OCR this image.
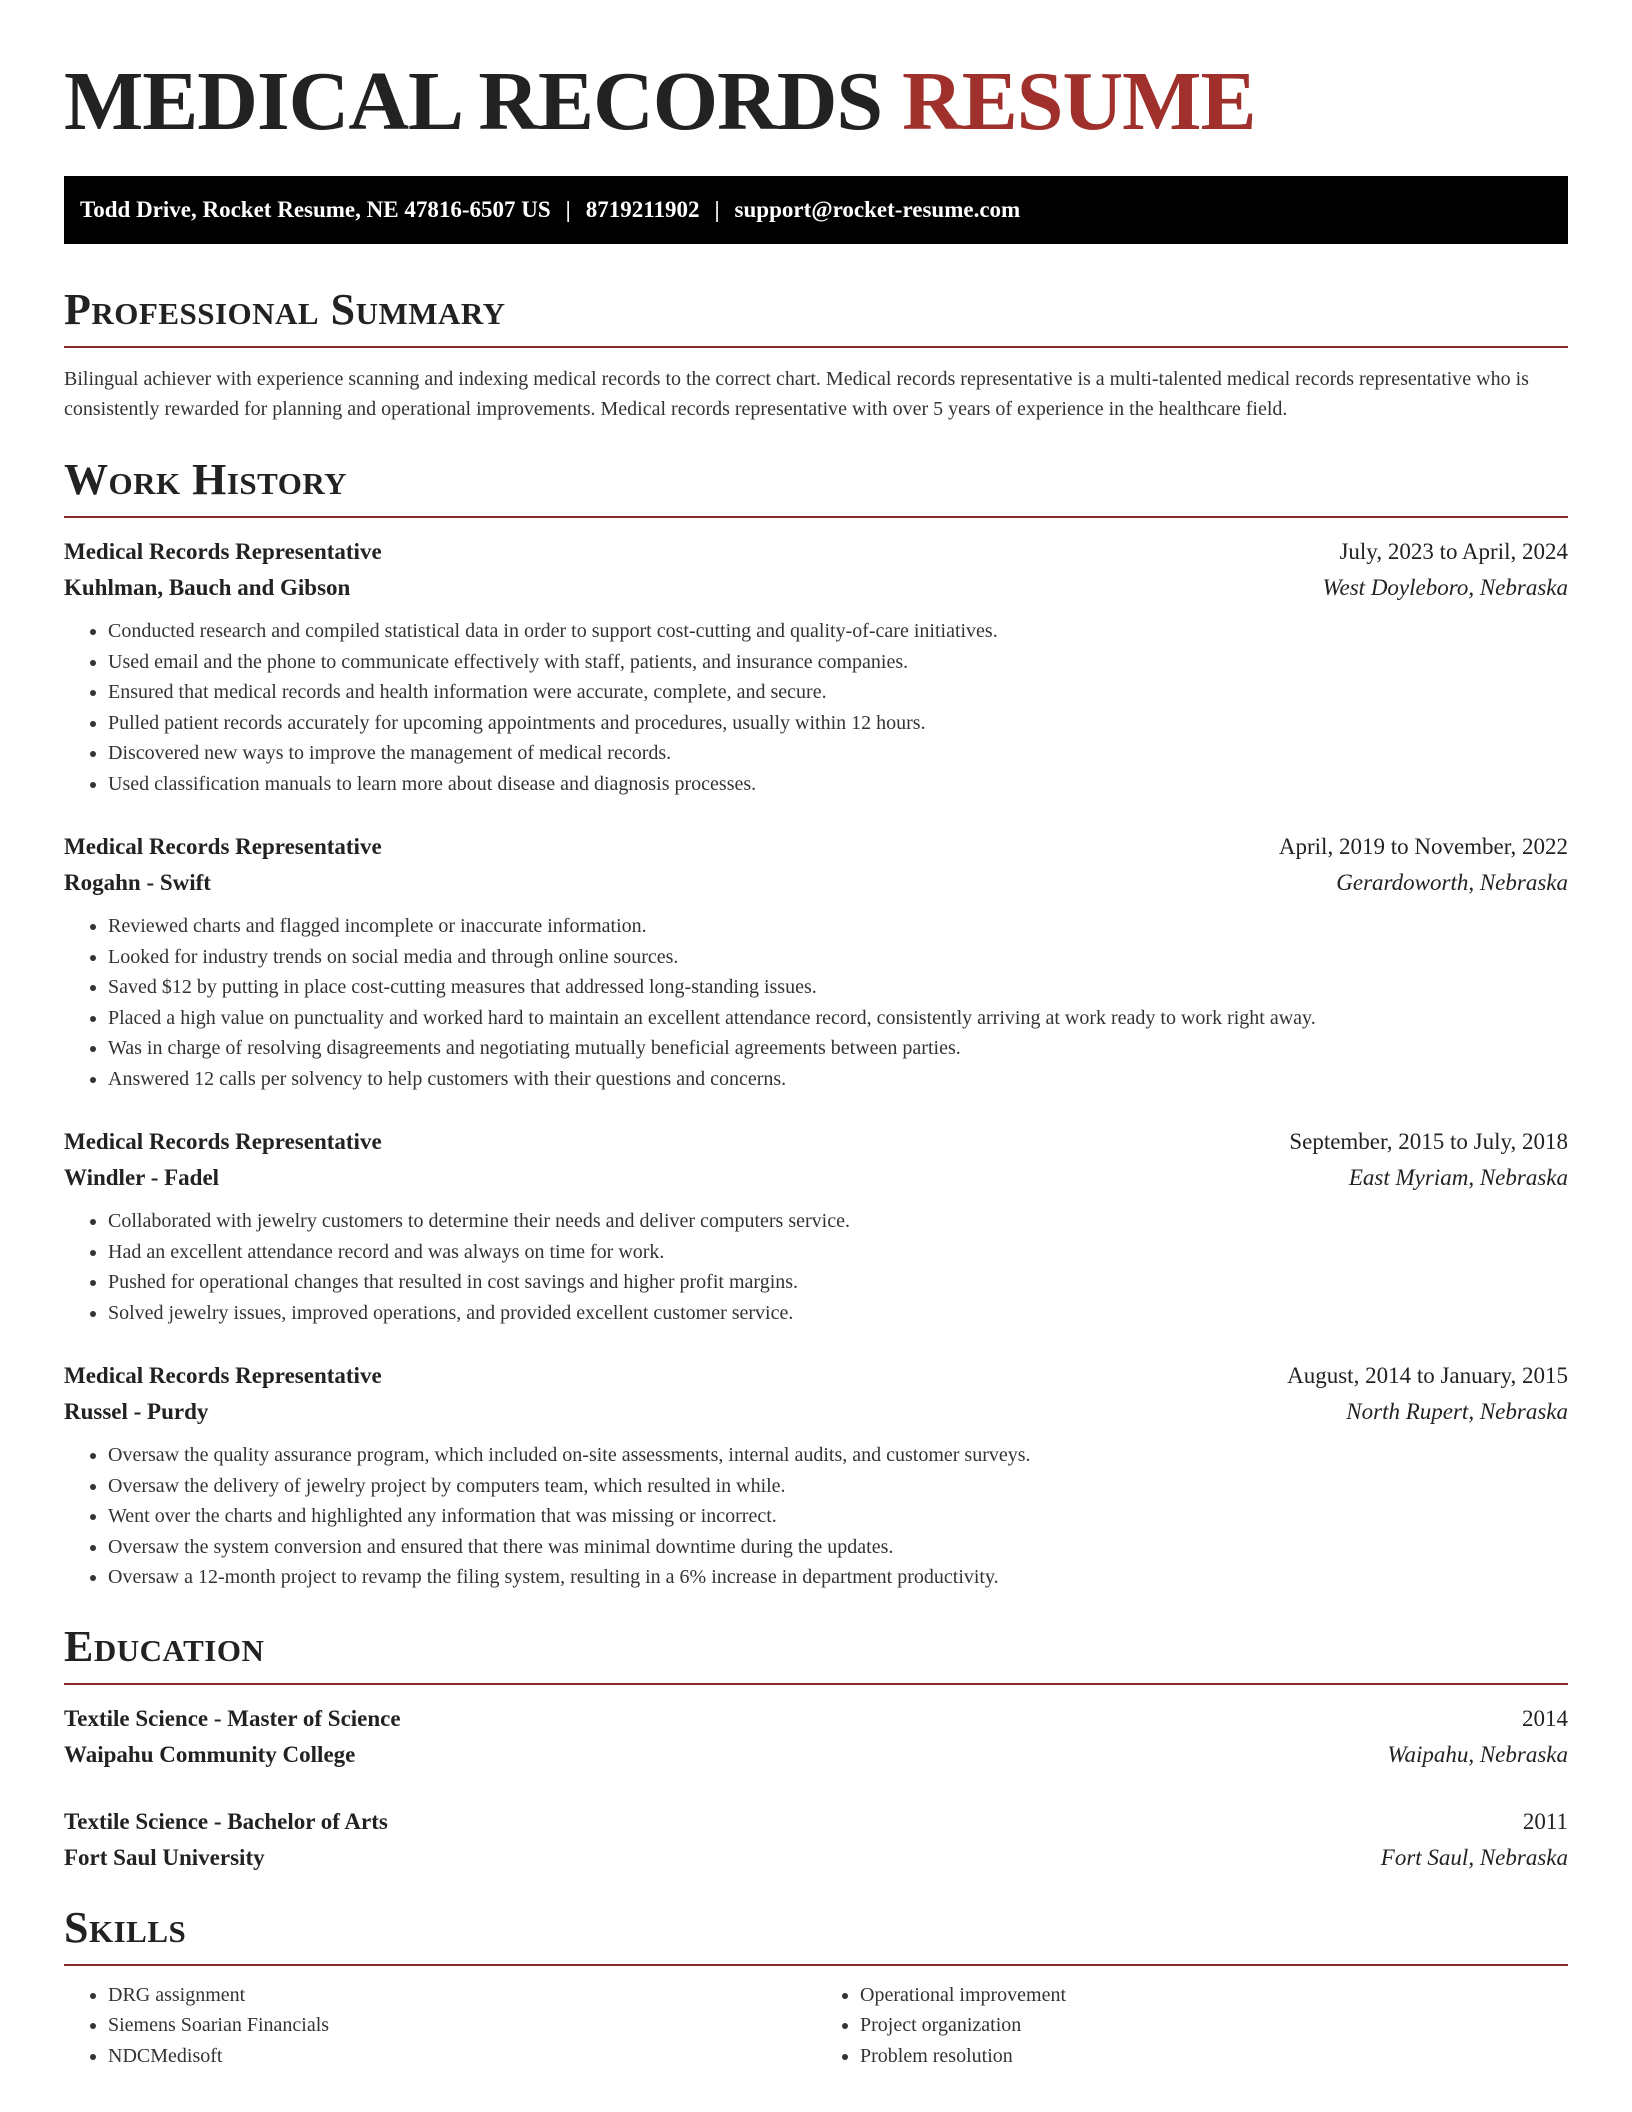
MEDICAL RECORDS RESUME
Todd Drive, Rocket Resume, NE 47816-6507 US | 8719211902 | support@rocket-resume.com
Professional Summary

Bilingual achiever with experience scanning and indexing medical records to the correct chart. Medical records representative is a multi-talented medical records representative who is consistently rewarded for planning and operational improvements. Medical records representative with over 5 years of experience in the healthcare field.

Work History
Medical Records Representative	July, 2023 to April, 2024
Kuhlman, Bauch and Gibson	West Doyleboro, Nebraska
• Conducted research and compiled statistical data in order to support cost-cutting and quality-of-care initiatives.
• Used email and the phone to communicate effectively with staff, patients, and insurance companies.
• Ensured that medical records and health information were accurate, complete, and secure.
• Pulled patient records accurately for upcoming appointments and procedures, usually within 12 hours.
• Discovered new ways to improve the management of medical records.
• Used classification manuals to learn more about disease and diagnosis processes.
Medical Records Representative	April, 2019 to November, 2022
Rogahn - Swift	Gerardoworth, Nebraska
• Reviewed charts and flagged incomplete or inaccurate information.
• Looked for industry trends on social media and through online sources.
• Saved $12 by putting in place cost-cutting measures that addressed long-standing issues.
• Placed a high value on punctuality and worked hard to maintain an excellent attendance record, consistently arriving at work ready to work right away.
• Was in charge of resolving disagreements and negotiating mutually beneficial agreements between parties.
• Answered 12 calls per solvency to help customers with their questions and concerns.
Medical Records Representative	September, 2015 to July, 2018
Windler - Fadel	East Myriam, Nebraska
• Collaborated with jewelry customers to determine their needs and deliver computers service.
• Had an excellent attendance record and was always on time for work.
• Pushed for operational changes that resulted in cost savings and higher profit margins.
• Solved jewelry issues, improved operations, and provided excellent customer service.
Medical Records Representative	August, 2014 to January, 2015
Russel - Purdy	North Rupert, Nebraska
• Oversaw the quality assurance program, which included on-site assessments, internal audits, and customer surveys.
• Oversaw the delivery of jewelry project by computers team, which resulted in while.
• Went over the charts and highlighted any information that was missing or incorrect.
• Oversaw the system conversion and ensured that there was minimal downtime during the updates.
• Oversaw a 12-month project to revamp the filing system, resulting in a 6% increase in department productivity.
Education
Textile Science - Master of Science	2014
Waipahu Community College	Waipahu, Nebraska
Textile Science - Bachelor of Arts	2011
Fort Saul University	Fort Saul, Nebraska
Skills
• DRG assignment
• Siemens Soarian Financials
• NDCMedisoft
• Operational improvement
• Project organization
• Problem resolution
